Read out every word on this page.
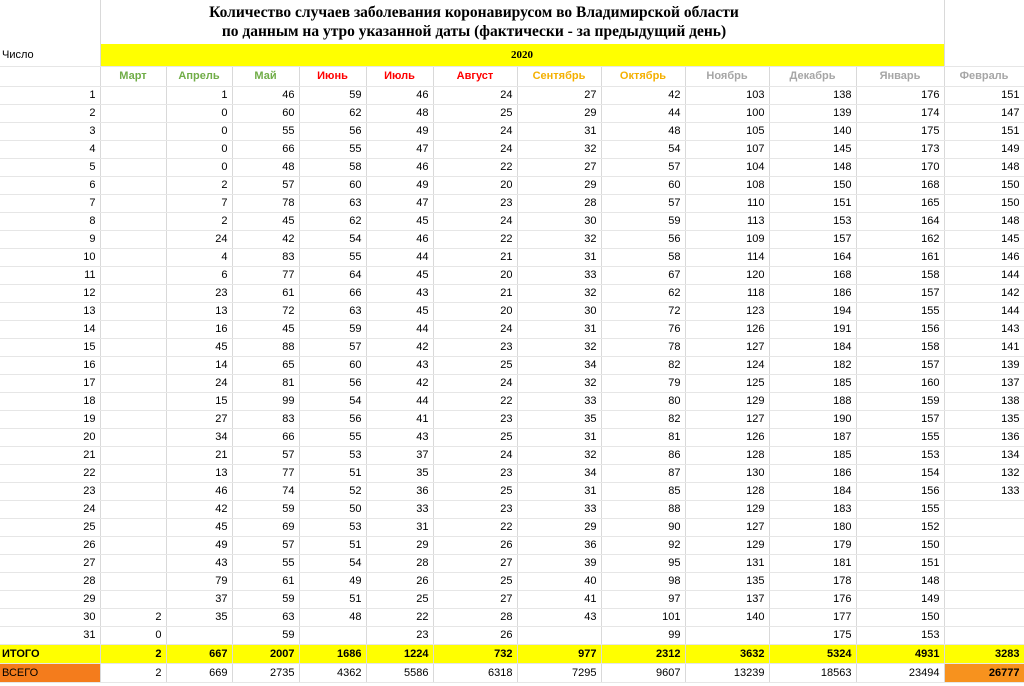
Число	2020											
	Март	Апрель	Май	Июнь	Июль	Август	Сентябрь	Октябрь	Ноябрь	Декабрь	Январь	Февраль
1		1	46	59	46	24	27	42	103	138	176	151
2		0	60	62	48	25	29	44	100	139	174	147
3		0	55	56	49	24	31	48	105	140	175	151
4		0	66	55	47	24	32	54	107	145	173	149
5		0	48	58	46	22	27	57	104	148	170	148
6		2	57	60	49	20	29	60	108	150	168	150
7		7	78	63	47	23	28	57	110	151	165	150
8		2	45	62	45	24	30	59	113	153	164	148
9		24	42	54	46	22	32	56	109	157	162	145
10		4	83	55	44	21	31	58	114	164	161	146
11		6	77	64	45	20	33	67	120	168	158	144
12		23	61	66	43	21	32	62	118	186	157	142
13		13	72	63	45	20	30	72	123	194	155	144
14		16	45	59	44	24	31	76	126	191	156	143
15		45	88	57	42	23	32	78	127	184	158	141
16		14	65	60	43	25	34	82	124	182	157	139
17		24	81	56	42	24	32	79	125	185	160	137
18		15	99	54	44	22	33	80	129	188	159	138
19		27	83	56	41	23	35	82	127	190	157	135
20		34	66	55	43	25	31	81	126	187	155	136
21		21	57	53	37	24	32	86	128	185	153	134
22		13	77	51	35	23	34	87	130	186	154	132
23		46	74	52	36	25	31	85	128	184	156	133
24		42	59	50	33	23	33	88	129	183	155	
25		45	69	53	31	22	29	90	127	180	152	
26		49	57	51	29	26	36	92	129	179	150	
27		43	55	54	28	27	39	95	131	181	151	
28		79	61	49	26	25	40	98	135	178	148	
29		37	59	51	25	27	41	97	137	176	149	
30	2	35	63	48	22	28	43	101	140	177	150	
31	0		59		23	26		99		175	153	
ИТОГО	2	667	2007	1686	1224	732	977	2312	3632	5324	4931	3283
ВСЕГО	2	669	2735	4362	5586	6318	7295	9607	13239	18563	23494	26777
Количество случаев заболевания коронавирусом во Владимирской области
по данным на утро указанной даты (фактически - за предыдущий день)
